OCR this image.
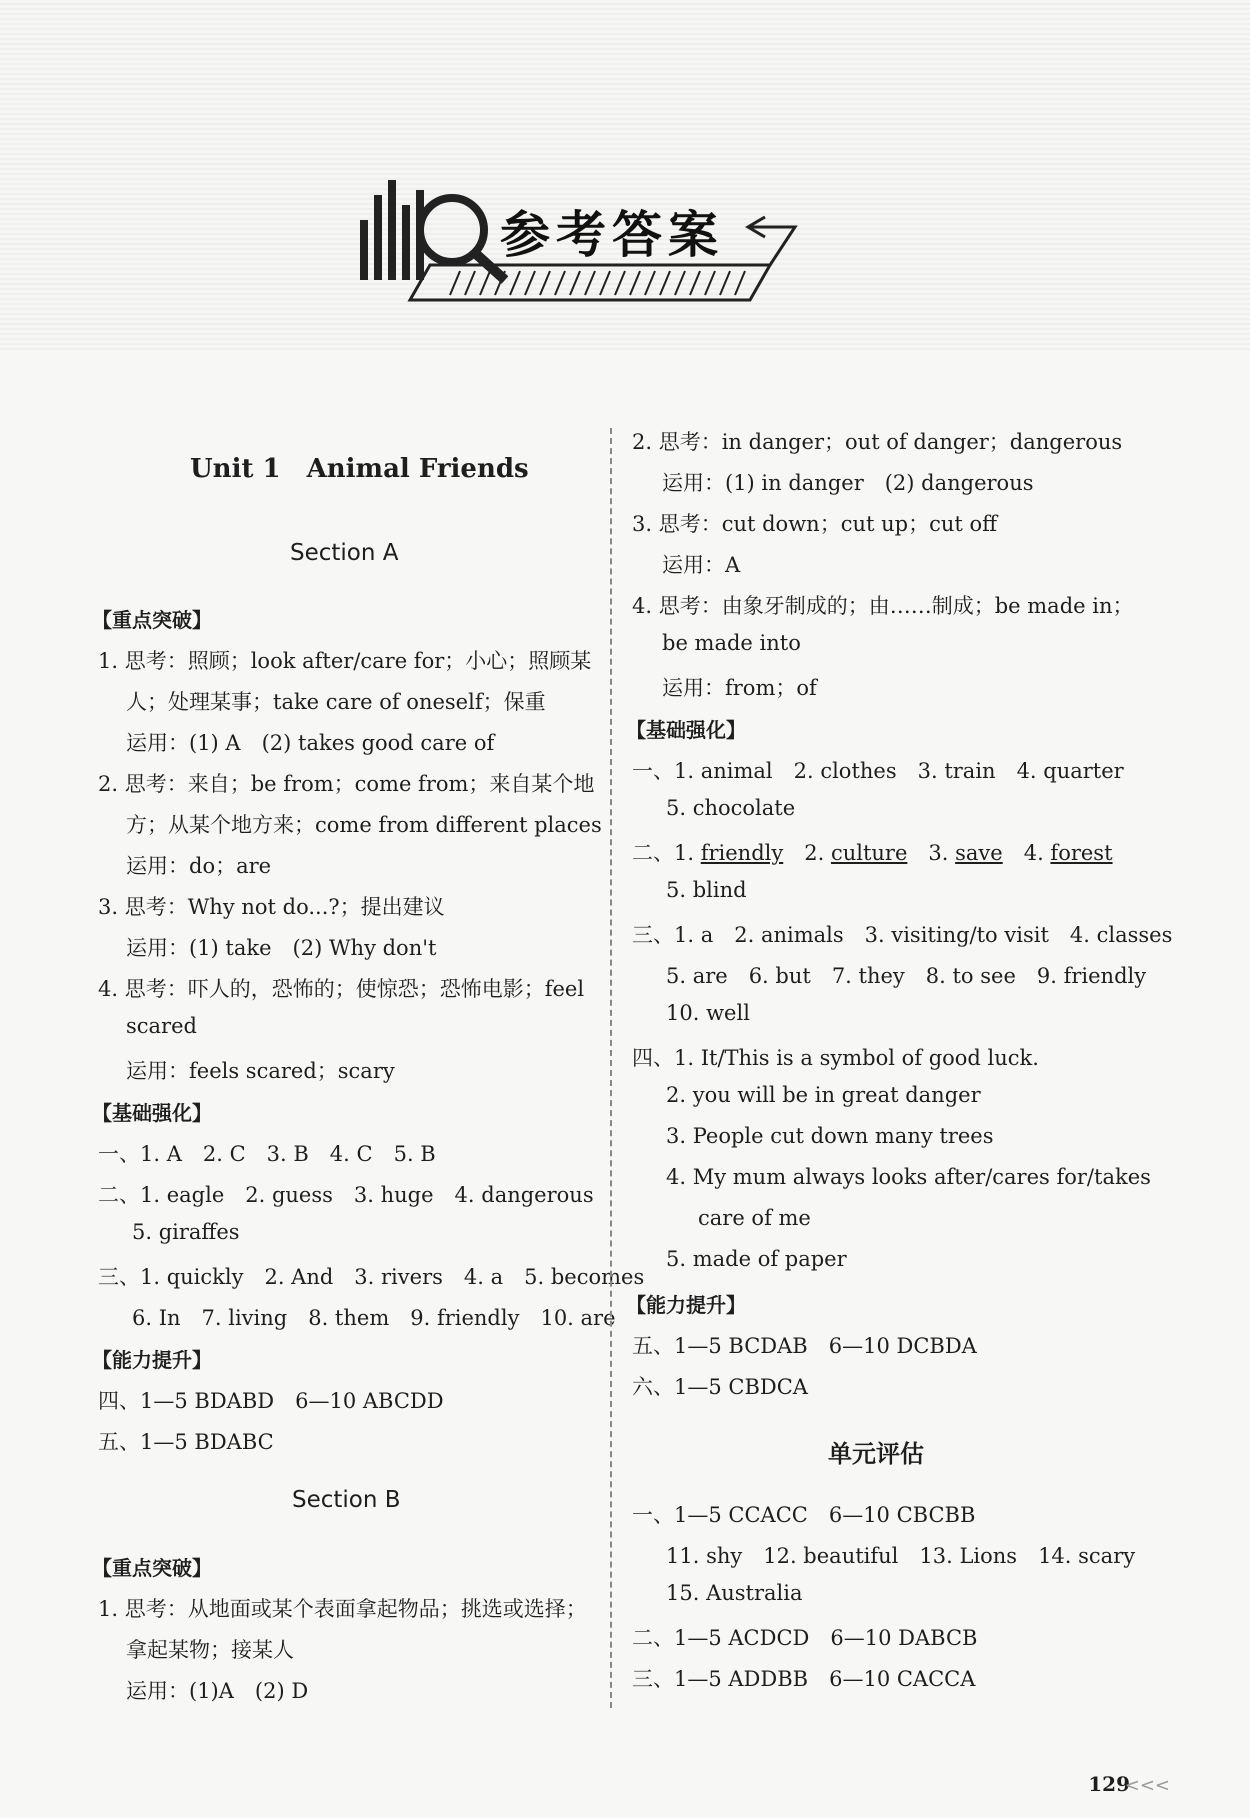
参考答案
Unit 1　Animal Friends
Section A
【重点突破】
1. 思考：照顾；look after/care for；小心；照顾某
人；处理某事；take care of oneself；保重
运用：(1) A　(2) takes good care of
2. 思考：来自；be from；come from；来自某个地
方；从某个地方来；come from different places
运用：do；are
3. 思考：Why not do...?；提出建议
运用：(1) take　(2) Why don't
4. 思考：吓人的，恐怖的；使惊恐；恐怖电影；feel
scared
运用：feels scared；scary
【基础强化】
一、1. A　2. C　3. B　4. C　5. B
二、1. eagle　2. guess　3. huge　4. dangerous
5. giraffes
三、1. quickly　2. And　3. rivers　4. a　5. becomes
6. In　7. living　8. them　9. friendly　10. are
【能力提升】
四、1—5 BDABD　6—10 ABCDD
五、1—5 BDABC
Section B
【重点突破】
1. 思考：从地面或某个表面拿起物品；挑选或选择；
拿起某物；接某人
运用：(1)A　(2) D
2. 思考：in danger；out of danger；dangerous
运用：(1) in danger　(2) dangerous
3. 思考：cut down；cut up；cut off
运用：A
4. 思考：由象牙制成的；由……制成；be made in；
be made into
运用：from；of
【基础强化】
一、1. animal　2. clothes　3. train　4. quarter
5. chocolate
二、1. friendly　2. culture　3. save　4. forest
5. blind
三、1. a　2. animals　3. visiting/to visit　4. classes
5. are　6. but　7. they　8. to see　9. friendly
10. well
四、1. It/This is a symbol of good luck.
2. you will be in great danger
3. People cut down many trees
4. My mum always looks after/cares for/takes
care of me
5. made of paper
【能力提升】
五、1—5 BCDAB　6—10 DCBDA
六、1—5 CBDCA
单元评估
一、1—5 CCACC　6—10 CBCBB
11. shy　12. beautiful　13. Lions　14. scary
15. Australia
二、1—5 ACDCD　6—10 DABCB
三、1—5 ADDBB　6—10 CACCA
129
<<<
